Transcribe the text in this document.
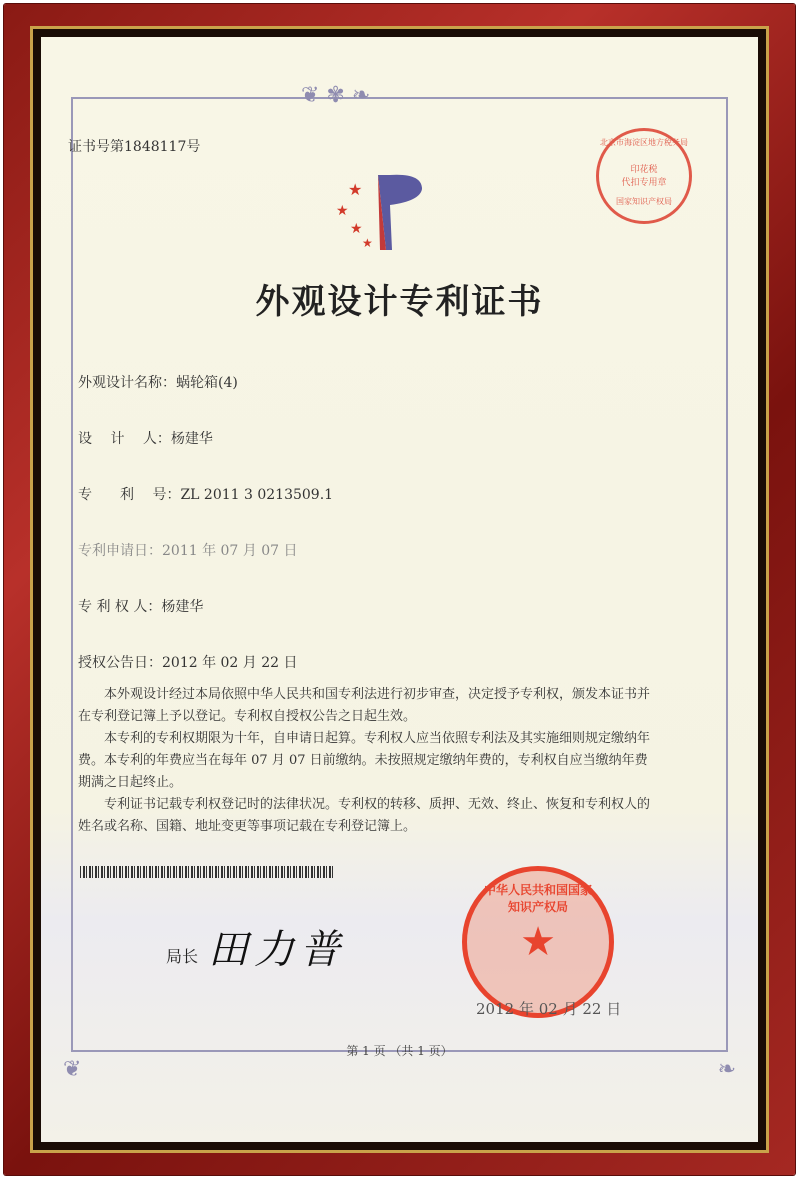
❦ ✾ ❧
❦	❧
证书号第1848117号
★
★
★
★
外观设计专利证书
外观设计名称：蜗轮箱(4)
设　 计　 人：杨建华
专　　利　 号：ZL 2011 3 0213509.1
专利申请日：2011 年 07 月 07 日
专 利 权 人：杨建华
授权公告日：2012 年 02 月 22 日

本外观设计经过本局依照中华人民共和国专利法进行初步审查，决定授予专利权，颁发本证书并在专利登记簿上予以登记。专利权自授权公告之日起生效。

本专利的专利权期限为十年，自申请日起算。专利权人应当依照专利法及其实施细则规定缴纳年费。本专利的年费应当在每年 07 月 07 日前缴纳。未按照规定缴纳年费的，专利权自应当缴纳年费期满之日起终止。

专利证书记载专利权登记时的法律状况。专利权的转移、质押、无效、终止、恢复和专利权人的姓名或名称、国籍、地址变更等事项记载在专利登记簿上。

北京市海淀区地方税务局
印花税
代扣专用章
国家知识产权局
局长 田力普
中华人民共和国国家知识产权局
★
2012 年 02 月 22 日
第 1 页 （共 1 页）
